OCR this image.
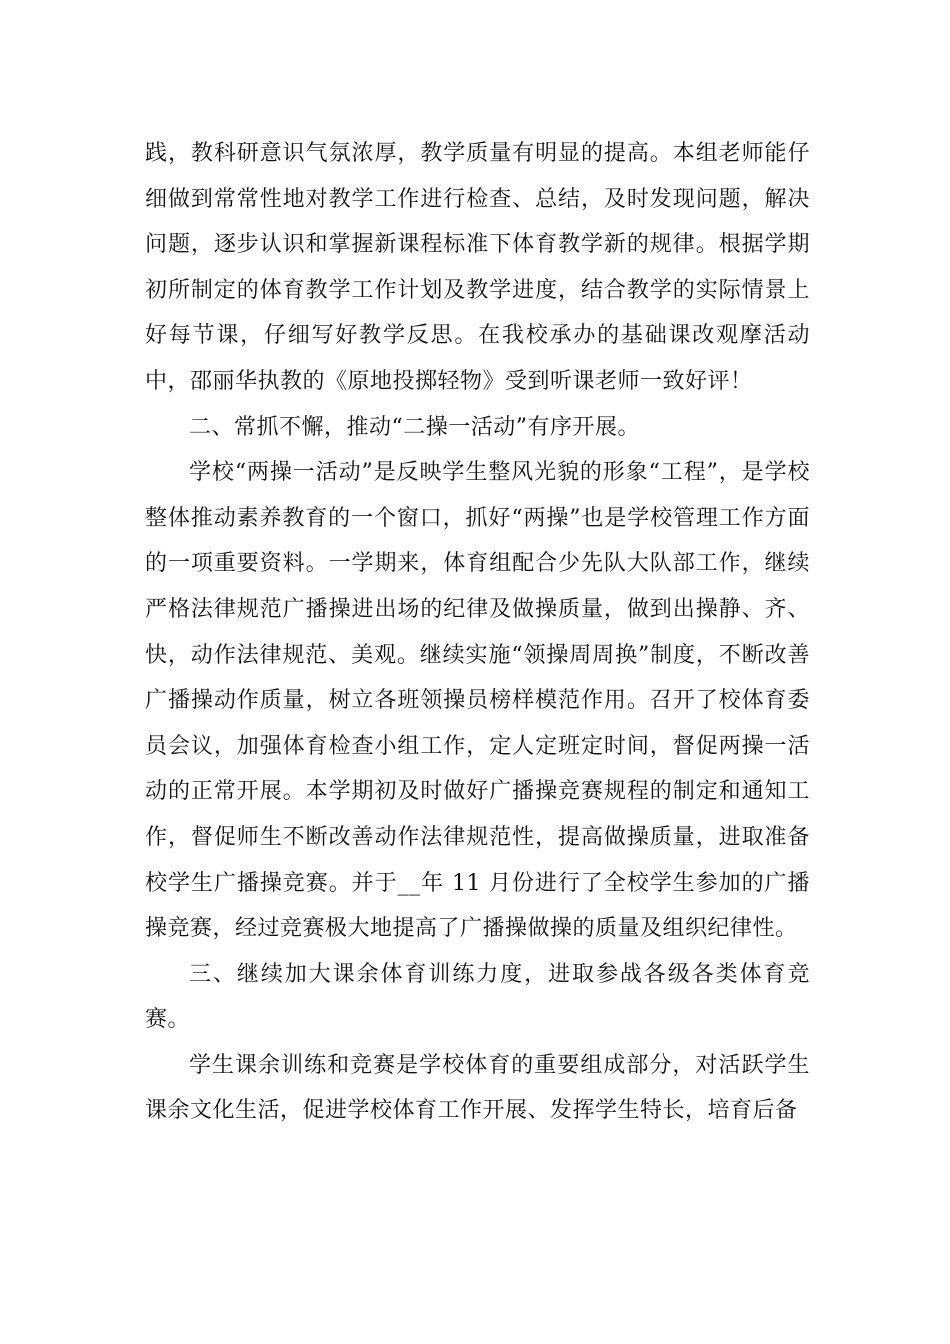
践，教科研意识气氛浓厚，教学质量有明显的提高。本组老师能仔细做到常常性地对教学工作进行检查、总结，及时发现问题，解决问题，逐步认识和掌握新课程标准下体育教学新的规律。根据学期初所制定的体育教学工作计划及教学进度，结合教学的实际情景上好每节课，仔细写好教学反思。在我校承办的基础课改观摩活动中，邵丽华执教的《原地投掷轻物》受到听课老师一致好评！

二、常抓不懈，推动“二操一活动”有序开展。

学校“两操一活动”是反映学生整风光貌的形象“工程”，是学校整体推动素养教育的一个窗口，抓好“两操”也是学校管理工作方面的一项重要资料。一学期来，体育组配合少先队大队部工作，继续严格法律规范广播操进出场的纪律及做操质量，做到出操静、齐、快，动作法律规范、美观。继续实施“领操周周换”制度，不断改善广播操动作质量，树立各班领操员榜样模范作用。召开了校体育委员会议，加强体育检查小组工作，定人定班定时间，督促两操一活动的正常开展。本学期初及时做好广播操竞赛规程的制定和通知工作，督促师生不断改善动作法律规范性，提高做操质量，进取准备校学生广播操竞赛。并于__年 11 月份进行了全校学生参加的广播操竞赛，经过竞赛极大地提高了广播操做操的质量及组织纪律性。

三、继续加大课余体育训练力度，进取参战各级各类体育竞赛。

学生课余训练和竞赛是学校体育的重要组成部分，对活跃学生课余文化生活，促进学校体育工作开展、发挥学生特长，培育后备
